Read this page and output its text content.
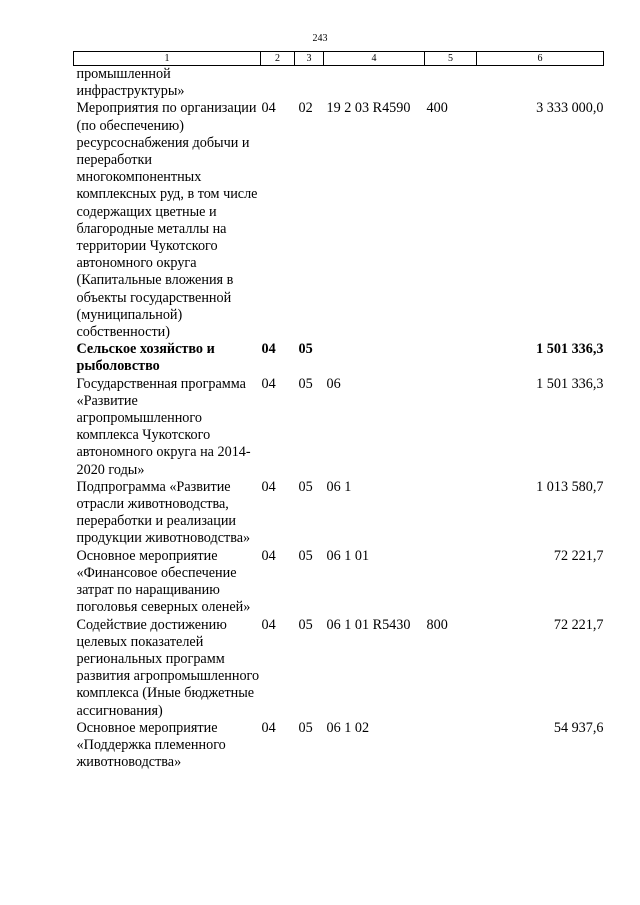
243
1	2	3	4	5	6
промышленной инфраструктуры»					
Мероприятия по организации (по обеспечению) ресурсоснабжения добычи и переработки многокомпонентных комплексных руд, в том числе содержащих цветные и благородные металлы на территории Чукотского автономного округа (Капитальные вложения в объекты государственной (муниципальной) собственности)	04	02	19 2 03 R4590	400	3 333 000,0
Сельское хозяйство и рыболовство	04	05			1 501 336,3
Государственная программа «Развитие агропромышленного комплекса Чукотского автономного округа на 2014-2020 годы»	04	05	06		1 501 336,3
Подпрограмма «Развитие отрасли животноводства, переработки и реализации продукции животноводства»	04	05	06 1		1 013 580,7
Основное мероприятие «Финансовое обеспечение затрат по наращиванию поголовья северных оленей»	04	05	06 1 01		72 221,7
Содействие достижению целевых показателей региональных программ развития агропромышленного комплекса (Иные бюджетные ассигнования)	04	05	06 1 01 R5430	800	72 221,7
Основное мероприятие «Поддержка племенного животноводства»	04	05	06 1 02		54 937,6
